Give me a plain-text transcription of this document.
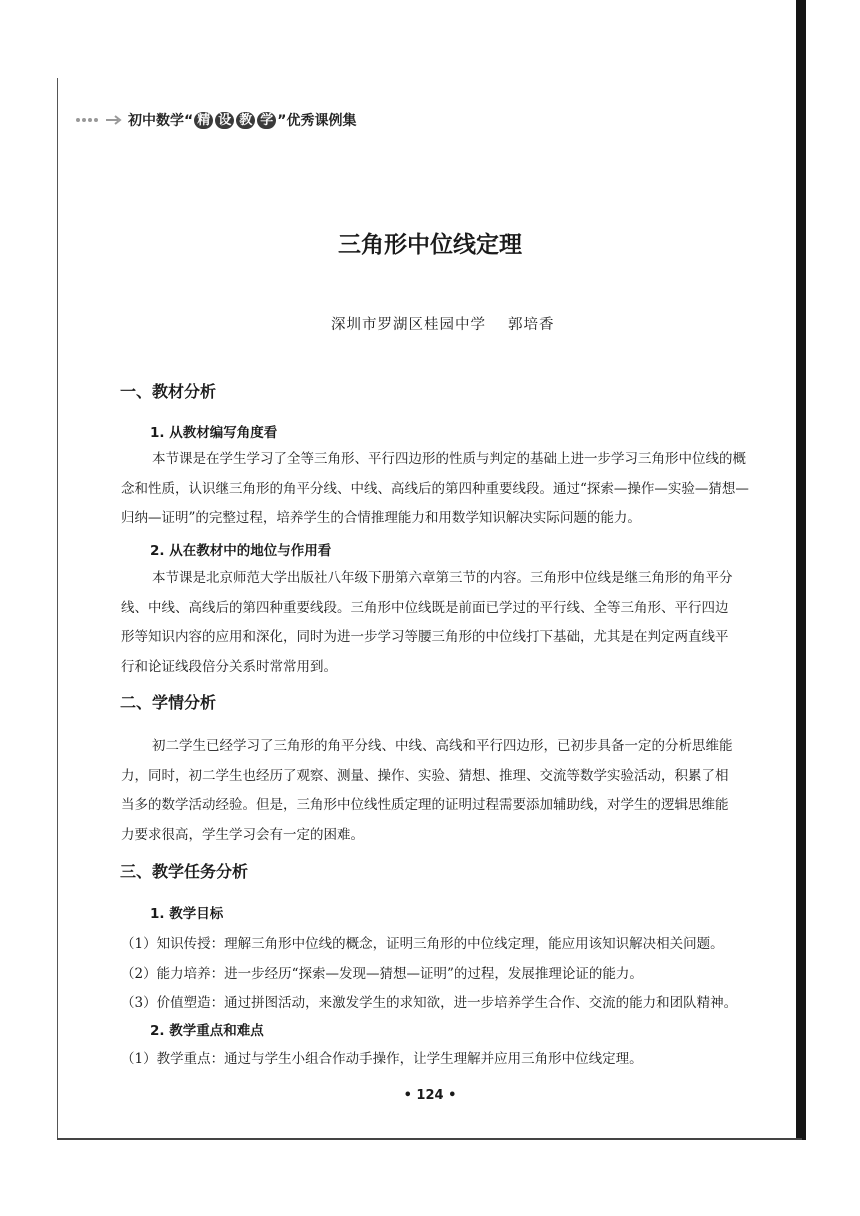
初中数学“ 精 设 教 学 ”优秀课例集
三角形中位线定理
深圳市罗湖区桂园中学 郭培香
一、教材分析
1. 从教材编写角度看
本节课是在学生学习了全等三角形、平行四边形的性质与判定的基础上进一步学习三角形中位线的概
念和性质，认识继三角形的角平分线、中线、高线后的第四种重要线段。通过“探索—操作—实验—猜想—
归纳—证明”的完整过程，培养学生的合情推理能力和用数学知识解决实际问题的能力。
2. 从在教材中的地位与作用看
本节课是北京师范大学出版社八年级下册第六章第三节的内容。三角形中位线是继三角形的角平分
线、中线、高线后的第四种重要线段。三角形中位线既是前面已学过的平行线、全等三角形、平行四边
形等知识内容的应用和深化，同时为进一步学习等腰三角形的中位线打下基础，尤其是在判定两直线平
行和论证线段倍分关系时常常用到。
二、学情分析
初二学生已经学习了三角形的角平分线、中线、高线和平行四边形，已初步具备一定的分析思维能
力，同时，初二学生也经历了观察、测量、操作、实验、猜想、推理、交流等数学实验活动，积累了相
当多的数学活动经验。但是，三角形中位线性质定理的证明过程需要添加辅助线，对学生的逻辑思维能
力要求很高，学生学习会有一定的困难。
三、教学任务分析
1. 教学目标
（1）知识传授：理解三角形中位线的概念，证明三角形的中位线定理，能应用该知识解决相关问题。
（2）能力培养：进一步经历“探索—发现—猜想—证明”的过程，发展推理论证的能力。
（3）价值塑造：通过拼图活动，来激发学生的求知欲，进一步培养学生合作、交流的能力和团队精神。
2. 教学重点和难点
（1）教学重点：通过与学生小组合作动手操作，让学生理解并应用三角形中位线定理。
• 124 •
